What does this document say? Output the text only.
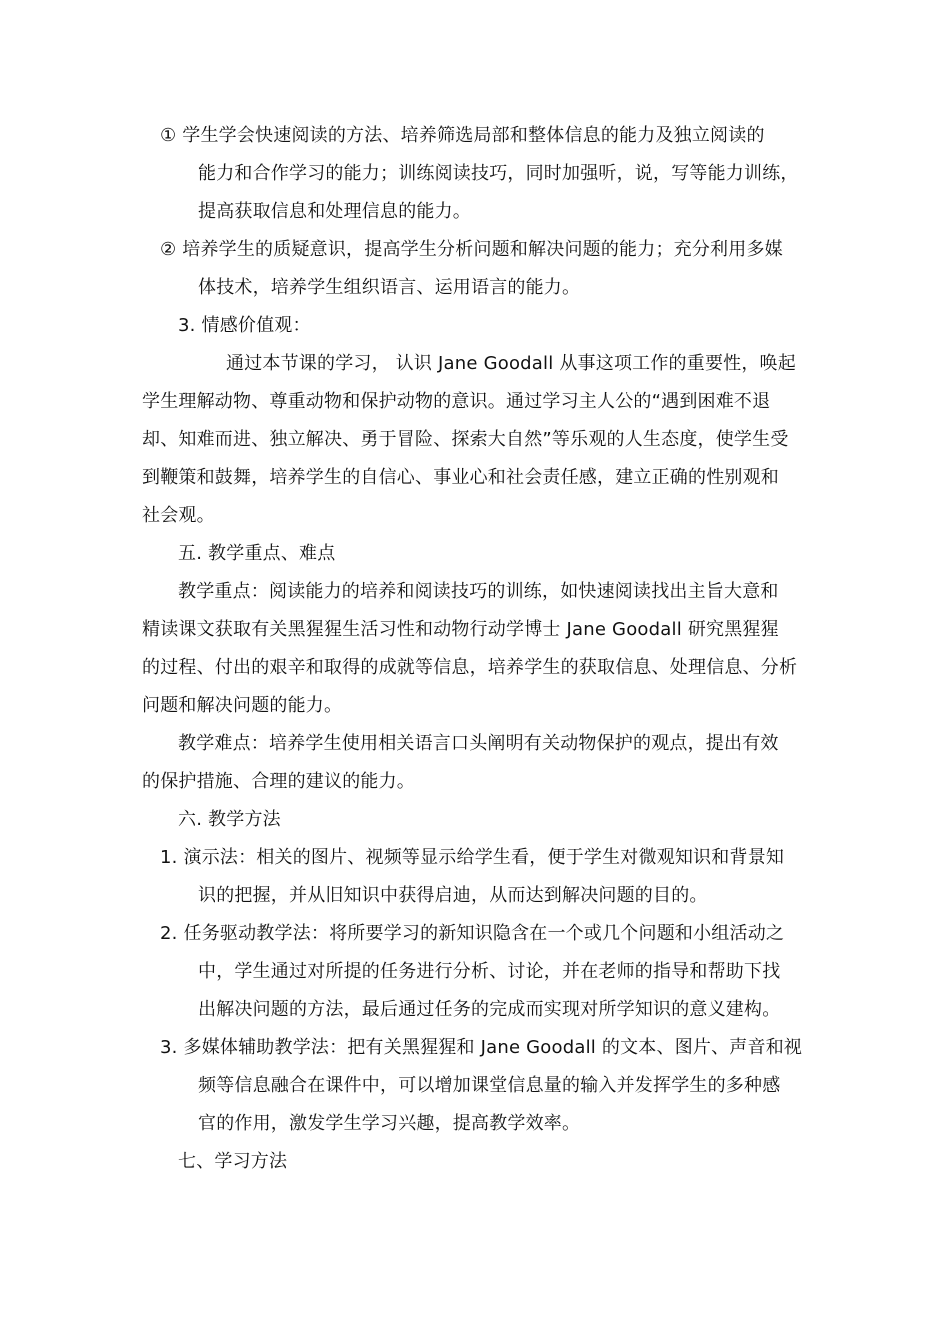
① 学生学会快速阅读的方法、培养筛选局部和整体信息的能力及独立阅读的
能力和合作学习的能力；训练阅读技巧，同时加强听，说，写等能力训练，
提高获取信息和处理信息的能力。
② 培养学生的质疑意识，提高学生分析问题和解决问题的能力；充分利用多媒
体技术，培养学生组织语言、运用语言的能力。
3. 情感价值观：
通过本节课的学习， 认识 Jane Goodall 从事这项工作的重要性，唤起
学生理解动物、尊重动物和保护动物的意识。通过学习主人公的“遇到困难不退
却、知难而进、独立解决、勇于冒险、探索大自然”等乐观的人生态度，使学生受
到鞭策和鼓舞，培养学生的自信心、事业心和社会责任感，建立正确的性别观和
社会观。
五. 教学重点、难点
教学重点：阅读能力的培养和阅读技巧的训练，如快速阅读找出主旨大意和
精读课文获取有关黑猩猩生活习性和动物行动学博士 Jane Goodall 研究黑猩猩
的过程、付出的艰辛和取得的成就等信息，培养学生的获取信息、处理信息、分析
问题和解决问题的能力。
教学难点：培养学生使用相关语言口头阐明有关动物保护的观点，提出有效
的保护措施、合理的建议的能力。
六. 教学方法
1. 演示法：相关的图片、视频等显示给学生看，便于学生对微观知识和背景知
识的把握，并从旧知识中获得启迪，从而达到解决问题的目的。
2. 任务驱动教学法：将所要学习的新知识隐含在一个或几个问题和小组活动之
中，学生通过对所提的任务进行分析、讨论，并在老师的指导和帮助下找
出解决问题的方法，最后通过任务的完成而实现对所学知识的意义建构。
3. 多媒体辅助教学法：把有关黑猩猩和 Jane Goodall 的文本、图片、声音和视
频等信息融合在课件中，可以增加课堂信息量的输入并发挥学生的多种感
官的作用，激发学生学习兴趣，提高教学效率。
七、学习方法
